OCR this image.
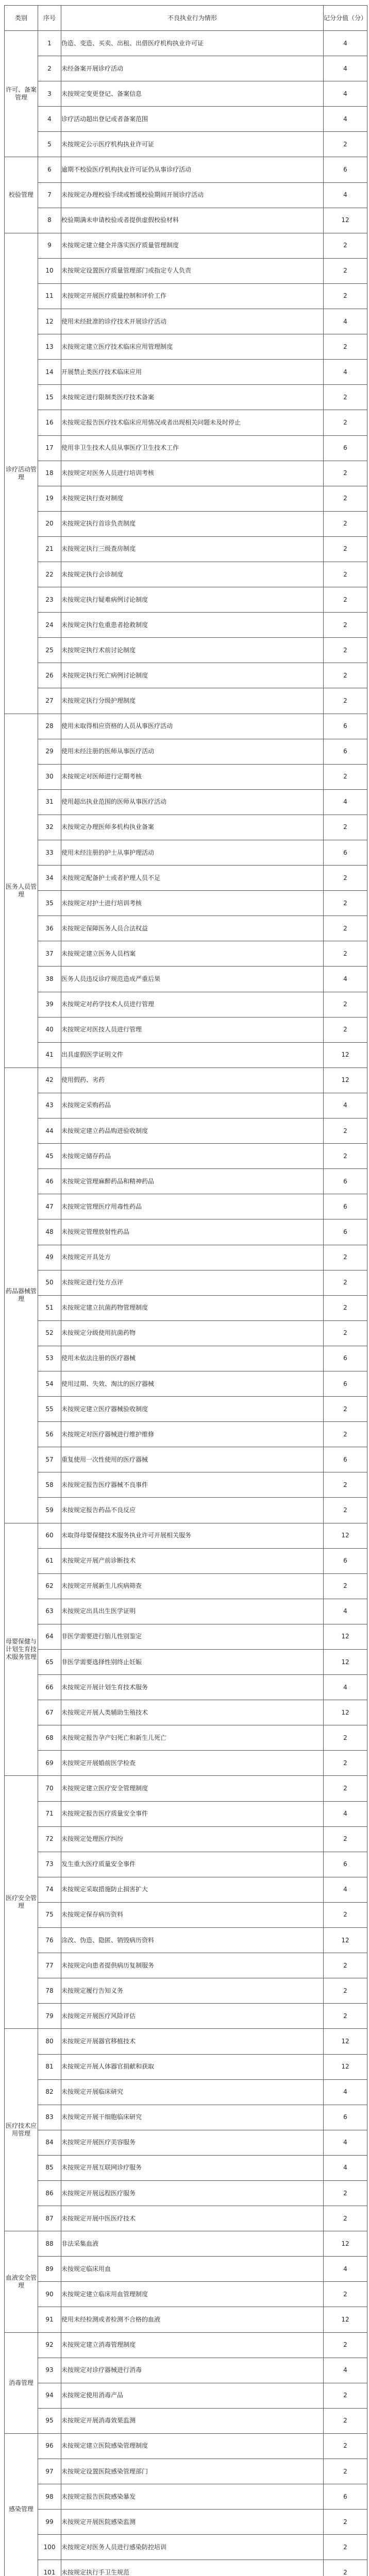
类别	序号	不良执业行为情形	记分分值（分）
许可、备案管理	1	伪造、变造、买卖、出租、出借医疗机构执业许可证	4
	2	未经备案开展诊疗活动	4
	3	未按规定变更登记、备案信息	4
	4	诊疗活动超出登记或者备案范围	4
	5	未按规定公示医疗机构执业许可证	2
校验管理	6	逾期不校验医疗机构执业许可证仍从事诊疗活动	6
	7	未按规定办理校验手续或暂缓校验期间开展诊疗活动	4
	8	校验期满未申请校验或者提供虚假校验材料	12
诊疗活动管理	9	未按规定建立健全并落实医疗质量管理制度	2
	10	未按规定设置医疗质量管理部门或指定专人负责	2
	11	未按规定开展医疗质量控制和评价工作	2
	12	使用未经批准的诊疗技术开展诊疗活动	4
	13	未按规定建立医疗技术临床应用管理制度	2
	14	开展禁止类医疗技术临床应用	4
	15	未按规定进行限制类医疗技术备案	2
	16	未按规定报告医疗技术临床应用情况或者出现相关问题未及时停止	2
	17	使用非卫生技术人员从事医疗卫生技术工作	6
	18	未按规定对医务人员进行培训考核	2
	19	未按规定执行查对制度	2
	20	未按规定执行首诊负责制度	2
	21	未按规定执行三级查房制度	2
	22	未按规定执行会诊制度	2
	23	未按规定执行疑难病例讨论制度	2
	24	未按规定执行危重患者抢救制度	2
	25	未按规定执行术前讨论制度	2
	26	未按规定执行死亡病例讨论制度	2
	27	未按规定执行分级护理制度	2
医务人员管理	28	使用未取得相应资格的人员从事医疗活动	6
	29	使用未经注册的医师从事医疗活动	6
	30	未按规定对医师进行定期考核	2
	31	使用超出执业范围的医师从事医疗活动	4
	32	未按规定办理医师多机构执业备案	2
	33	使用未经注册的护士从事护理活动	6
	34	未按规定配备护士或者护理人员不足	2
	35	未按规定对护士进行培训考核	2
	36	未按规定保障医务人员合法权益	2
	37	未按规定建立医务人员档案	2
	38	医务人员违反诊疗规范造成严重后果	4
	39	未按规定对药学技术人员进行管理	2
	40	未按规定对医技人员进行管理	2
	41	出具虚假医学证明文件	12
药品器械管理	42	使用假药、劣药	12
	43	未按规定采购药品	4
	44	未按规定建立药品购进验收制度	2
	45	未按规定储存药品	2
	46	未按规定管理麻醉药品和精神药品	6
	47	未按规定管理医疗用毒性药品	6
	48	未按规定管理放射性药品	6
	49	未按规定开具处方	2
	50	未按规定进行处方点评	2
	51	未按规定建立抗菌药物管理制度	2
	52	未按规定分级使用抗菌药物	2
	53	使用未依法注册的医疗器械	6
	54	使用过期、失效、淘汰的医疗器械	6
	55	未按规定建立医疗器械验收制度	2
	56	未按规定对医疗器械进行维护维修	2
	57	重复使用一次性使用的医疗器械	6
	58	未按规定报告医疗器械不良事件	2
	59	未按规定报告药品不良反应	2
母婴保健与计划生育技术服务管理	60	未取得母婴保健技术服务执业许可开展相关服务	12
	61	未按规定开展产前诊断技术	6
	62	未按规定开展新生儿疾病筛查	2
	63	未按规定出具出生医学证明	4
	64	非医学需要进行胎儿性别鉴定	12
	65	非医学需要选择性别终止妊娠	12
	66	未按规定开展计划生育技术服务	4
	67	未按规定开展人类辅助生殖技术	12
	68	未按规定报告孕产妇死亡和新生儿死亡	2
	69	未按规定开展婚前医学检查	2
医疗安全管理	70	未按规定建立医疗安全管理制度	2
	71	未按规定报告医疗质量安全事件	4
	72	未按规定处理医疗纠纷	2
	73	发生重大医疗质量安全事件	6
	74	未按规定采取措施防止损害扩大	4
	75	未按规定保存病历资料	2
	76	涂改、伪造、隐匿、销毁病历资料	12
	77	未按规定向患者提供病历复制服务	2
	78	未按规定履行告知义务	2
	79	未按规定开展医疗风险评估	2
医疗技术应用管理	80	未按规定开展器官移植技术	12
	81	未按规定开展人体器官捐献和获取	12
	82	未按规定开展临床研究	4
	83	未按规定开展干细胞临床研究	6
	84	未按规定开展医疗美容服务	4
	85	未按规定开展互联网诊疗服务	4
	86	未按规定开展远程医疗服务	2
	87	未按规定开展中医医疗技术	2
血液安全管理	88	非法采集血液	12
	89	未按规定临床用血	4
	90	未按规定建立临床用血管理制度	2
	91	使用未经检测或者检测不合格的血液	12
消毒管理	92	未按规定建立消毒管理制度	2
	93	未按规定对诊疗器械进行消毒	4
	94	未按规定使用消毒产品	2
	95	未按规定开展消毒效果监测	2
感染管理	96	未按规定建立医院感染管理制度	2
	97	未按规定设置医院感染管理部门	2
	98	未按规定报告医院感染暴发	6
	99	未按规定开展医院感染监测	2
	100	未按规定对医务人员进行感染防控培训	2
	101	未按规定执行手卫生规范	2
